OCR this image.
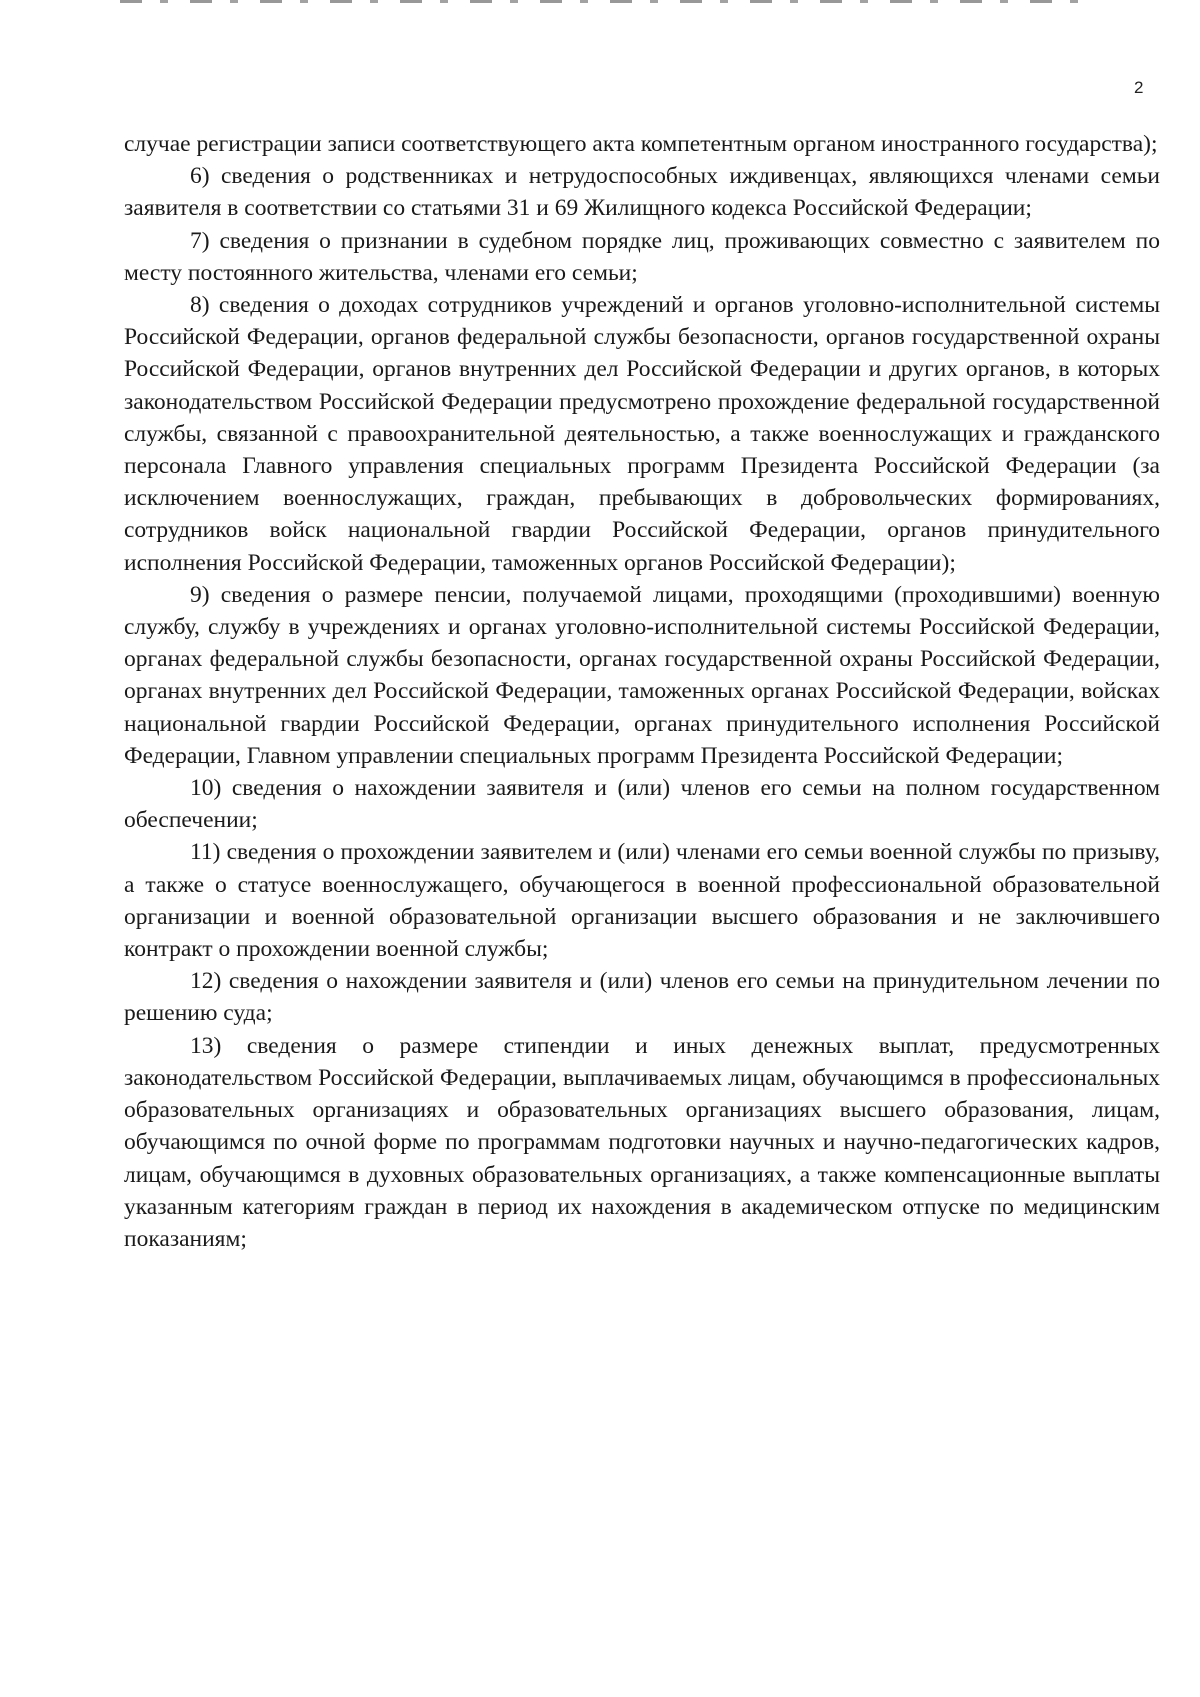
2

случае регистрации записи соответствующего акта компетентным органом иностранного государства);

6) сведения о родственниках и нетрудоспособных иждивенцах, являющихся членами семьи заявителя в соответствии со статьями 31 и 69 Жилищного кодекса Российской Федерации;

7) сведения о признании в судебном порядке лиц, проживающих совместно с заявителем по месту постоянного жительства, членами его семьи;

8) сведения о доходах сотрудников учреждений и органов уголовно-исполнительной системы Российской Федерации, органов федеральной службы безопасности, органов государственной охраны Российской Федерации, органов внутренних дел Российской Федерации и других органов, в которых законодательством Российской Федерации предусмотрено прохождение федеральной государственной службы, связанной с правоохранительной деятельностью, а также военнослужащих и гражданского персонала Главного управления специальных программ Президента Российской Федерации (за исключением военнослужащих, граждан, пребывающих в добровольческих формированиях, сотрудников войск национальной гвардии Российской Федерации, органов принудительного исполнения Российской Федерации, таможенных органов Российской Федерации);

9) сведения о размере пенсии, получаемой лицами, проходящими (проходившими) военную службу, службу в учреждениях и органах уголовно-исполнительной системы Российской Федерации, органах федеральной службы безопасности, органах государственной охраны Российской Федерации, органах внутренних дел Российской Федерации, таможенных органах Российской Федерации, войсках национальной гвардии Российской Федерации, органах принудительного исполнения Российской Федерации, Главном управлении специальных программ Президента Российской Федерации;

10) сведения о нахождении заявителя и (или) членов его семьи на полном государственном обеспечении;

11) сведения о прохождении заявителем и (или) членами его семьи военной службы по призыву, а также о статусе военнослужащего, обучающегося в военной профессиональной образовательной организации и военной образовательной организации высшего образования и не заключившего контракт о прохождении военной службы;

12) сведения о нахождении заявителя и (или) членов его семьи на принудительном лечении по решению суда;

13) сведения о размере стипендии и иных денежных выплат, предусмотренных законодательством Российской Федерации, выплачиваемых лицам, обучающимся в профессиональных образовательных организациях и образовательных организациях высшего образования, лицам, обучающимся по очной форме по программам подготовки научных и научно-педагогических кадров, лицам, обучающимся в духовных образовательных организациях, а также компенсационные выплаты указанным категориям граждан в период их нахождения в академическом отпуске по медицинским показаниям;
